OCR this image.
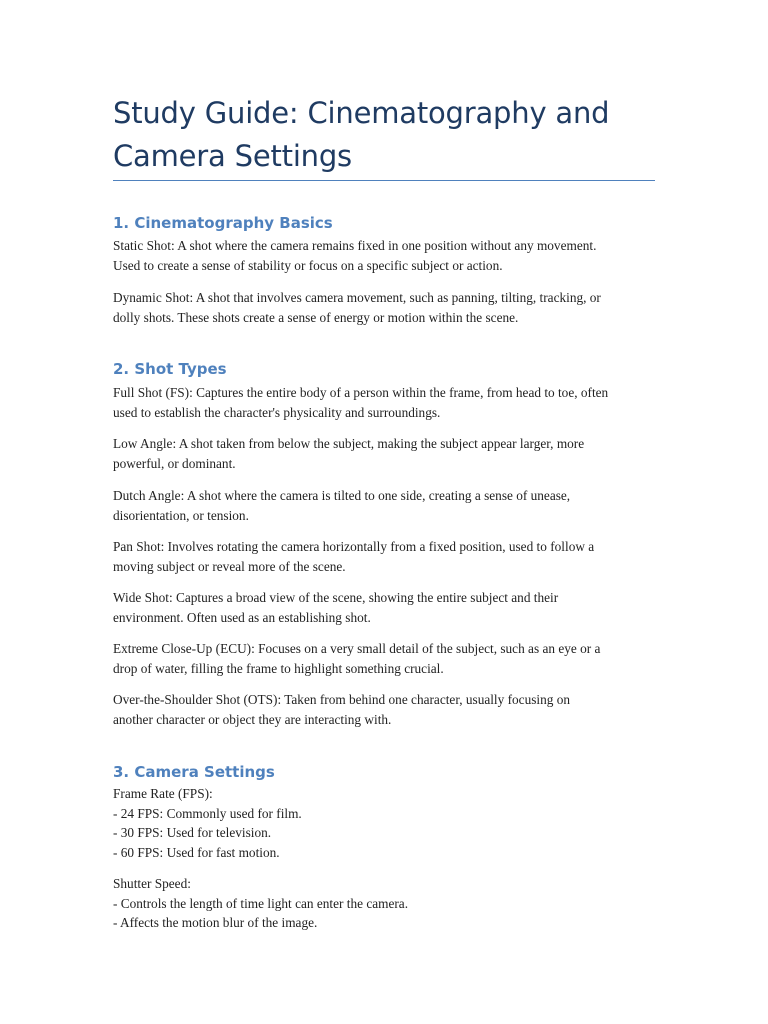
Study Guide: Cinematography and
Camera Settings
1. Cinematography Basics

Static Shot: A shot where the camera remains fixed in one position without any movement.
Used to create a sense of stability or focus on a specific subject or action.

Dynamic Shot: A shot that involves camera movement, such as panning, tilting, tracking, or
dolly shots. These shots create a sense of energy or motion within the scene.

2. Shot Types

Full Shot (FS): Captures the entire body of a person within the frame, from head to toe, often
used to establish the character's physicality and surroundings.

Low Angle: A shot taken from below the subject, making the subject appear larger, more
powerful, or dominant.

Dutch Angle: A shot where the camera is tilted to one side, creating a sense of unease,
disorientation, or tension.

Pan Shot: Involves rotating the camera horizontally from a fixed position, used to follow a
moving subject or reveal more of the scene.

Wide Shot: Captures a broad view of the scene, showing the entire subject and their
environment. Often used as an establishing shot.

Extreme Close-Up (ECU): Focuses on a very small detail of the subject, such as an eye or a
drop of water, filling the frame to highlight something crucial.

Over-the-Shoulder Shot (OTS): Taken from behind one character, usually focusing on
another character or object they are interacting with.

3. Camera Settings

Frame Rate (FPS):
- 24 FPS: Commonly used for film.
- 30 FPS: Used for television.
- 60 FPS: Used for fast motion.

Shutter Speed:
- Controls the length of time light can enter the camera.
- Affects the motion blur of the image.
